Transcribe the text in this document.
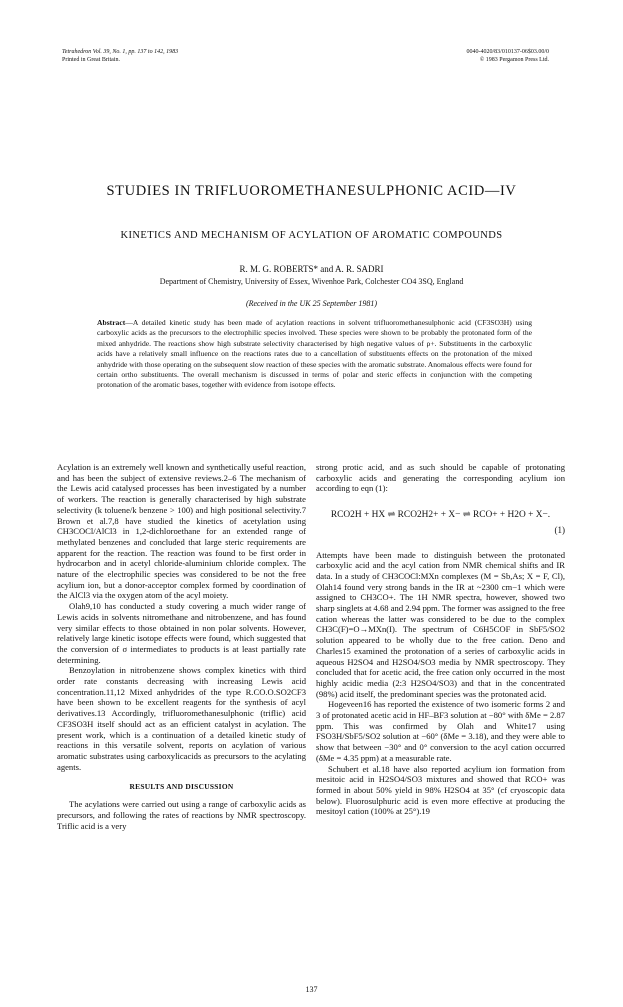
Tetrahedron Vol. 39, No. 1, pp. 137 to 142, 1983
Printed in Great Britain.
0040-4020/83/010137-06$03.00/0
© 1983 Pergamon Press Ltd.
STUDIES IN TRIFLUOROMETHANESULPHONIC ACID—IV
KINETICS AND MECHANISM OF ACYLATION OF AROMATIC COMPOUNDS
R. M. G. ROBERTS* and A. R. SADRI
Department of Chemistry, University of Essex, Wivenhoe Park, Colchester CO4 3SQ, England
(Received in the UK 25 September 1981)
Abstract—A detailed kinetic study has been made of acylation reactions in solvent trifluoromethanesulphonic acid (CF3SO3H) using carboxylic acids as the precursors to the electrophilic species involved. These species were shown to be probably the protonated form of the mixed anhydride. The reactions show high substrate selectivity characterised by high negative values of ρ+. Substituents in the carboxylic acids have a relatively small influence on the reactions rates due to a cancellation of substituents effects on the protonation of the mixed anhydride with those operating on the subsequent slow reaction of these species with the aromatic substrate. Anomalous effects were found for certain ortho substituents. The overall mechanism is discussed in terms of polar and steric effects in conjunction with the competing protonation of the aromatic bases, together with evidence from isotope effects.

Acylation is an extremely well known and synthetically useful reaction, and has been the subject of extensive reviews.2–6 The mechanism of the Lewis acid catalysed processes has been investigated by a number of workers. The reaction is generally characterised by high substrate selectivity (k toluene/k benzene > 100) and high positional selectivity.7 Brown et al.7,8 have studied the kinetics of acetylation using CH3COCl/AlCl3 in 1,2-dichloroethane for an extended range of methylated benzenes and concluded that large steric requirements are apparent for the reaction. The reaction was found to be first order in hydrocarbon and in acetyl chloride-aluminium chloride complex. The nature of the electrophilic species was considered to be not the free acylium ion, but a donor-acceptor complex formed by coordination of the AlCl3 via the oxygen atom of the acyl moiety.

Olah9,10 has conducted a study covering a much wider range of Lewis acids in solvents nitromethane and nitrobenzene, and has found very similar effects to those obtained in non polar solvents. However, relatively large kinetic isotope effects were found, which suggested that the conversion of σ intermediates to products is at least partially rate determining.

Benzoylation in nitrobenzene shows complex kinetics with third order rate constants decreasing with increasing Lewis acid concentration.11,12 Mixed anhydrides of the type R.CO.O.SO2CF3 have been shown to be excellent reagents for the synthesis of acyl derivatives.13 Accordingly, trifluoromethanesulphonic (triflic) acid CF3SO3H itself should act as an efficient catalyst in acylation. The present work, which is a continuation of a detailed kinetic study of reactions in this versatile solvent, reports on acylation of various aromatic substrates using carboxylicacids as precursors to the acylating agents.

RESULTS AND DISCUSSION

The acylations were carried out using a range of carboxylic acids as precursors, and following the rates of reactions by NMR spectroscopy. Triflic acid is a very

strong protic acid, and as such should be capable of protonating carboxylic acids and generating the corresponding acylium ion according to eqn (1):

RCO2H + HX ⇌ RCO2H2+ + X− ⇌ RCO+ + H2O + X−.

(1)

Attempts have been made to distinguish between the protonated carboxylic acid and the acyl cation from NMR chemical shifts and IR data. In a study of CH3COCl:MXn complexes (M = Sb,As; X = F, Cl), Olah14 found very strong bands in the IR at ~2300 cm−1 which were assigned to CH3CO+. The 1H NMR spectra, however, showed two sharp singlets at 4.68 and 2.94 ppm. The former was assigned to the free cation whereas the latter was considered to be due to the complex CH3C(F)=O→MXn(I). The spectrum of C6H5COF in SbF5/SO2 solution appeared to be wholly due to the free cation. Deno and Charles15 examined the protonation of a series of carboxylic acids in aqueous H2SO4 and H2SO4/SO3 media by NMR spectroscopy. They concluded that for acetic acid, the free cation only occurred in the most highly acidic media (2:3 H2SO4/SO3) and that in the concentrated (98%) acid itself, the predominant species was the protonated acid.

Hogeveen16 has reported the existence of two isomeric forms 2 and 3 of protonated acetic acid in HF–BF3 solution at −80° with δMe = 2.87 ppm. This was confirmed by Olah and White17 using FSO3H/SbF5/SO2 solution at −60° (δMe = 3.18), and they were able to show that between −30° and 0° conversion to the acyl cation occurred (δMe = 4.35 ppm) at a measurable rate.

Schubert et al.18 have also reported acylium ion formation from mesitoic acid in H2SO4/SO3 mixtures and showed that RCO+ was formed in about 50% yield in 98% H2SO4 at 35° (cf cryoscopic data below). Fluorosulphuric acid is even more effective at producing the mesitoyl cation (100% at 25°).19

137
